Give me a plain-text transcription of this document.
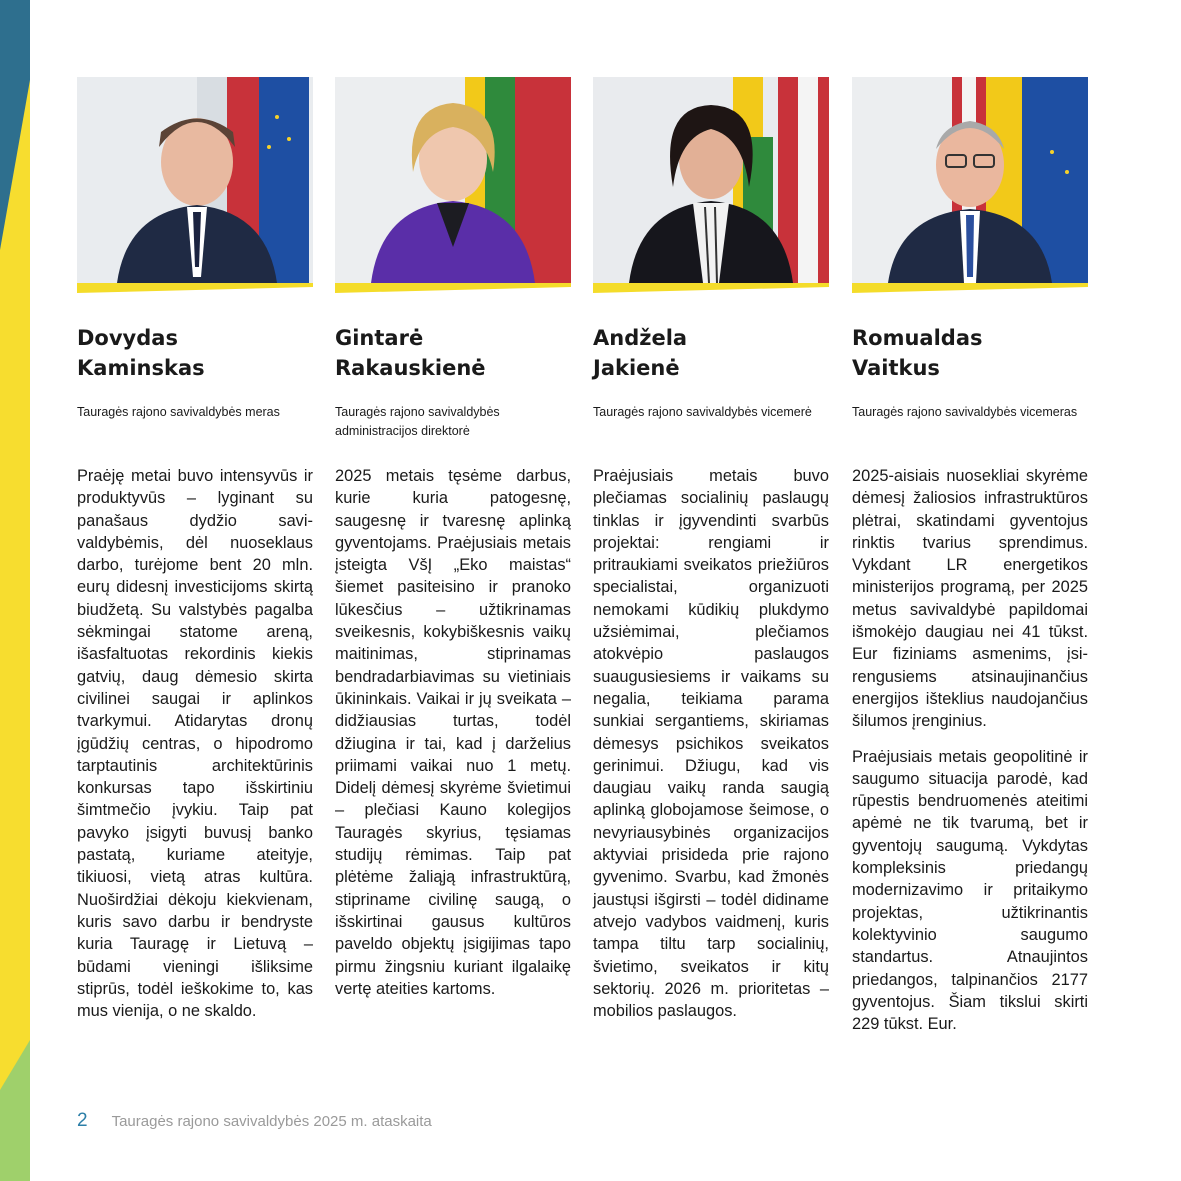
Dovydas
Kaminskas
Tauragės rajono savivaldybės meras

Praėję metai buvo intensyvūs ir produktyvūs – lyginant su panašaus dydžio savivaldybėmis, dėl nuoseklaus darbo, turėjome bent 20 mln. eurų didesnį investicijoms skirtą biudžetą. Su valstybės pagalba sėkmingai statome areną, išasfaltuotas rekordinis kiekis gatvių, daug dėmesio skirta civilinei saugai ir aplinkos tvarkymui. Atidarytas dronų įgūdžių centras, o hipodromo tarptautinis architektūrinis konkursas tapo išskirtiniu šimtmečio įvykiu. Taip pat pavyko įsigyti buvusį banko pastatą, kuriame ateityje, tikiuosi, vietą atras kultūra. Nuoširdžiai dėkoju kiekvienam, kuris savo darbu ir bendryste kuria Tauragę ir Lietuvą – būdami vieningi išliksime stiprūs, todėl ieškokime to, kas mus vienija, o ne skaldo.

Gintarė
Rakauskienė
Tauragės rajono savivaldybės administracijos direktorė

2025 metais tęsėme darbus, kurie kuria patogesnę, saugesnę ir tvaresnę aplinką gyventojams. Praėjusiais metais įsteigta VšĮ „Eko maistas“ šiemet pasiteisino ir pranoko lūkesčius – užtikrinamas sveikesnis, kokybiškesnis vaikų maitinimas, stiprinamas bendradarbiavimas su vietiniais ūkininkais. Vaikai ir jų sveikata – didžiausias turtas, todėl džiugina ir tai, kad į darželius priimami vaikai nuo 1 metų. Didelį dėmesį skyrėme švietimui – plečiasi Kauno kolegijos Tauragės skyrius, tęsiamas studijų rėmimas. Taip pat plėtėme žaliąją infrastruktūrą, stipriname civilinę saugą, o išskirtinai gausus kultūros paveldo objektų įsigijimas tapo pirmu žingsniu kuriant ilgalaikę vertę ateities kartoms.

Andžela
Jakienė
Tauragės rajono savivaldybės vicemerė

Praėjusiais metais buvo plečiamas socialinių paslaugų tinklas ir įgyvendinti svarbūs projektai: rengiami ir pritraukiami sveikatos priežiūros specialistai, organizuoti nemokami kūdikių plukdymo užsiėmimai, plečiamos atokvėpio paslaugos suaugusiesiems ir vaikams su negalia, teikiama parama sunkiai sergantiems, skiriamas dėmesys psichikos sveikatos gerinimui. Džiugu, kad vis daugiau vaikų randa saugią aplinką globojamose šeimose, o nevyriausybinės organizacijos aktyviai prisideda prie rajono gyvenimo. Svarbu, kad žmonės jaustųsi išgirsti – todėl didiname atvejo vadybos vaidmenį, kuris tampa tiltu tarp socialinių, švietimo, sveikatos ir kitų sektorių. 2026 m. prioritetas – mobilios paslaugos.

Romualdas
Vaitkus
Tauragės rajono savivaldybės vicemeras

2025-aisiais nuosekliai skyrėme dėmesį žaliosios infrastruktūros plėtrai, skatindami gyventojus rinktis tvarius sprendimus. Vykdant LR energetikos ministerijos programą, per 2025 metus savivaldybė papildomai išmokėjo daugiau nei 41 tūkst. Eur fiziniams asmenims, įsirengusiems atsinaujinančius energijos išteklius naudojančius šilumos įrenginius.

Praėjusiais metais geopolitinė ir saugumo situacija parodė, kad rūpestis bendruomenės ateitimi apėmė ne tik tvarumą, bet ir gyventojų saugumą. Vykdytas kompleksinis priedangų modernizavimo ir pritaikymo projektas, užtikrinantis kolektyvinio saugumo standartus. Atnaujintos priedangos, talpinančios 2177 gyventojus. Šiam tikslui skirti 229 tūkst. Eur.

2 Tauragės rajono savivaldybės 2025 m. ataskaita
